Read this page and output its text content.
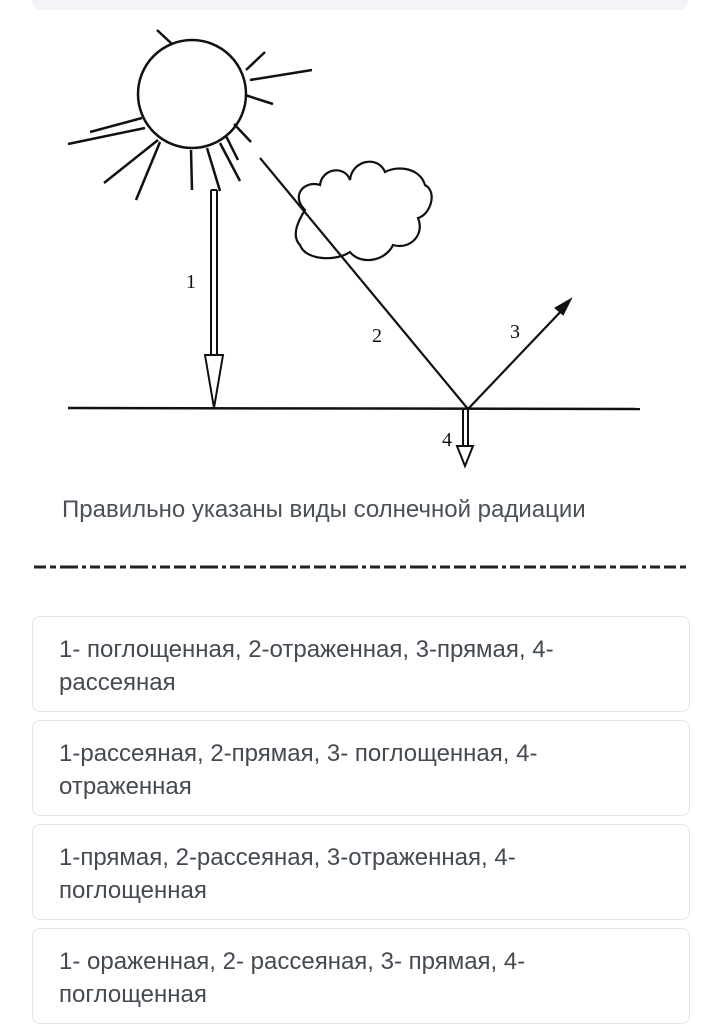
1
2	3
4
Правильно указаны виды солнечной радиации
1- поглощенная, 2-отраженная, 3-прямая, 4-рассеяная
1-рассеяная, 2-прямая, 3- поглощенная, 4-отраженная
1-прямая, 2-рассеяная, 3-отраженная, 4-поглощенная
1- ораженная, 2- рассеяная, 3- прямая, 4-поглощенная
